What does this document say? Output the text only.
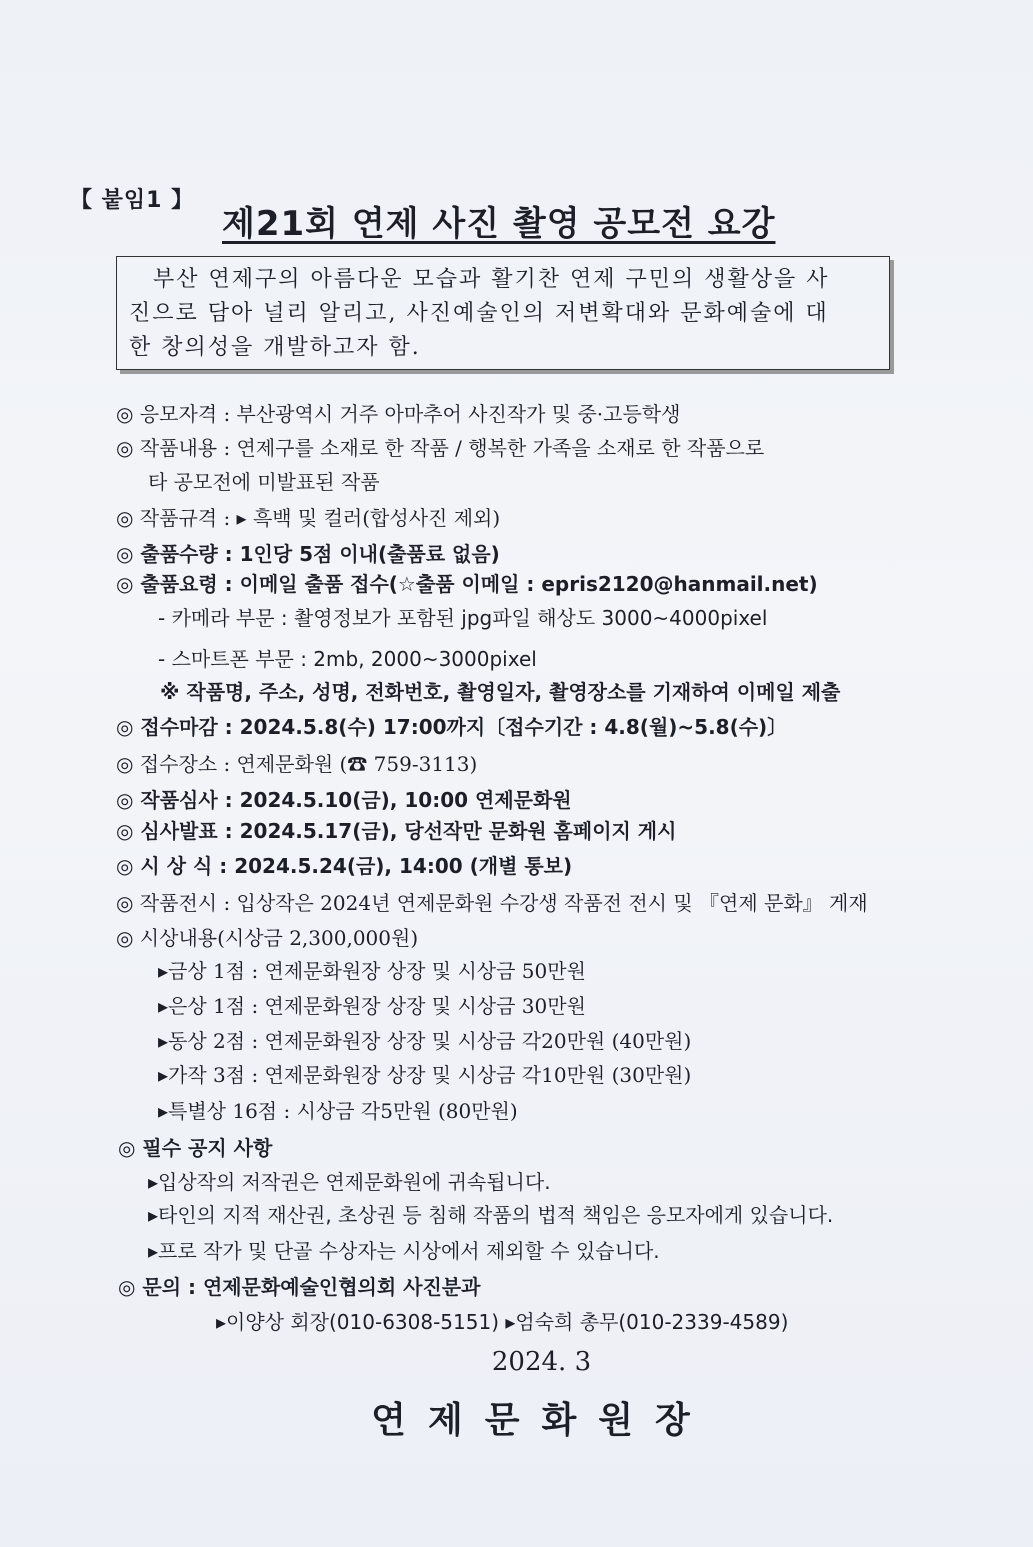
【 붙임1 】
제21회 연제 사진 촬영 공모전 요강
부산 연제구의 아름다운 모습과 활기찬 연제 구민의 생활상을 사
진으로 담아 널리 알리고, 사진예술인의 저변확대와 문화예술에 대
한 창의성을 개발하고자 함.
◎ 응모자격 : 부산광역시 거주 아마추어 사진작가 및 중·고등학생
◎ 작품내용 : 연제구를 소재로 한 작품 / 행복한 가족을 소재로 한 작품으로
타 공모전에 미발표된 작품
◎ 작품규격 : ▸ 흑백 및 컬러(합성사진 제외)
◎ 출품수량 : 1인당 5점 이내(출품료 없음)
◎ 출품요령 : 이메일 출품 접수(☆출품 이메일 : epris2120@hanmail.net)
- 카메라 부문 : 촬영정보가 포함된 jpg파일 해상도 3000~4000pixel
- 스마트폰 부문 : 2mb, 2000~3000pixel
※ 작품명, 주소, 성명, 전화번호, 촬영일자, 촬영장소를 기재하여 이메일 제출
◎ 접수마감 : 2024.5.8(수) 17:00까지〔접수기간 : 4.8(월)~5.8(수)〕
◎ 접수장소 : 연제문화원 (☎ 759-3113)
◎ 작품심사 : 2024.5.10(금), 10:00 연제문화원
◎ 심사발표 : 2024.5.17(금), 당선작만 문화원 홈페이지 게시
◎ 시 상 식 : 2024.5.24(금), 14:00 (개별 통보)
◎ 작품전시 : 입상작은 2024년 연제문화원 수강생 작품전 전시 및 『연제 문화』 게재
◎ 시상내용(시상금 2,300,000원)
▸금상 1점 : 연제문화원장 상장 및 시상금 50만원
▸은상 1점 : 연제문화원장 상장 및 시상금 30만원
▸동상 2점 : 연제문화원장 상장 및 시상금 각20만원 (40만원)
▸가작 3점 : 연제문화원장 상장 및 시상금 각10만원 (30만원)
▸특별상 16점 : 시상금 각5만원 (80만원)
◎ 필수 공지 사항
▸입상작의 저작권은 연제문화원에 귀속됩니다.
▸타인의 지적 재산권, 초상권 등 침해 작품의 법적 책임은 응모자에게 있습니다.
▸프로 작가 및 단골 수상자는 시상에서 제외할 수 있습니다.
◎ 문의 : 연제문화예술인협의회 사진분과
▸이양상 회장(010-6308-5151) ▸엄숙희 총무(010-2339-4589)
2024. 3
연제문화원장
